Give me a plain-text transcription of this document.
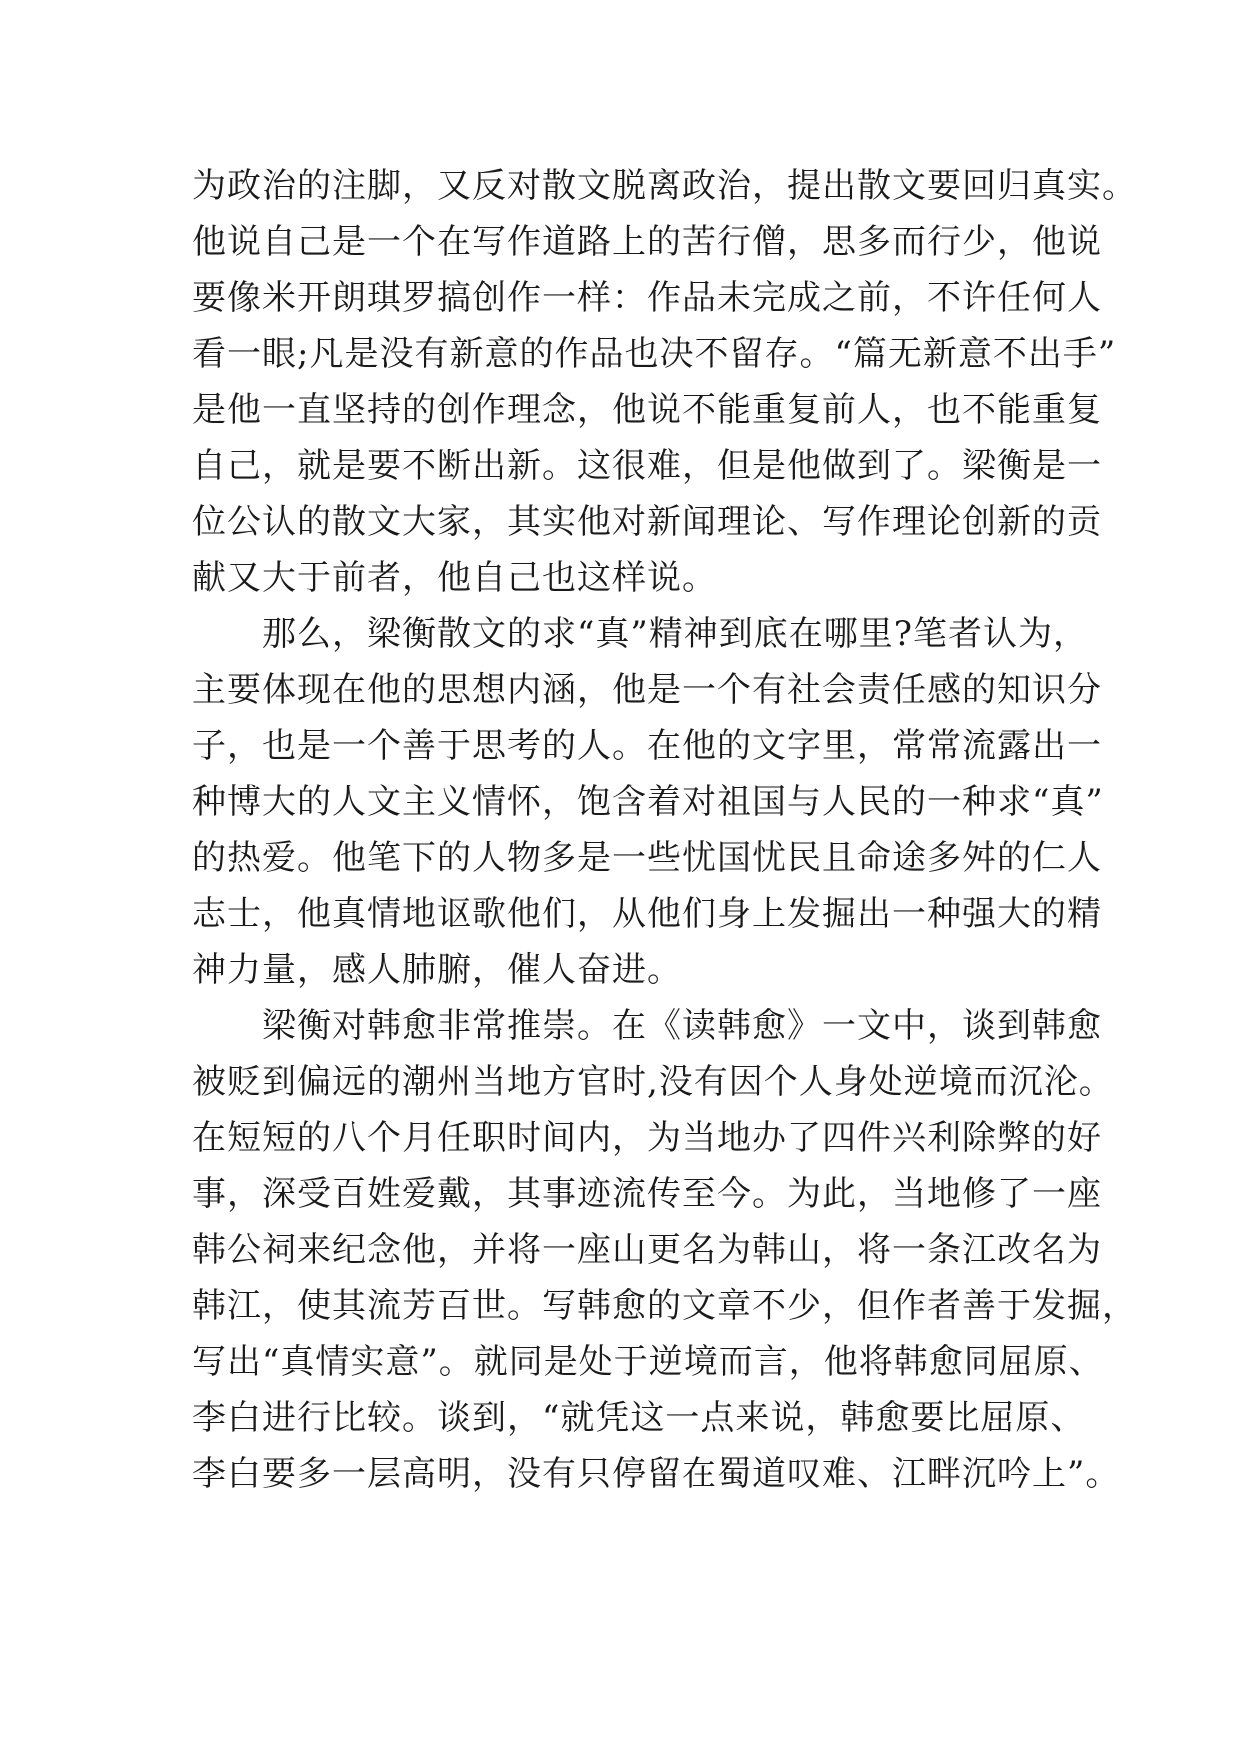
为政治的注脚，又反对散文脱离政治，提出散文要回归真实。
他说自己是一个在写作道路上的苦行僧，思多而行少，他说
要像米开朗琪罗搞创作一样：作品未完成之前，不许任何人
看一眼;凡是没有新意的作品也决不留存。“篇无新意不出手”
是他一直坚持的创作理念，他说不能重复前人，也不能重复
自己，就是要不断出新。这很难，但是他做到了。梁衡是一
位公认的散文大家，其实他对新闻理论、写作理论创新的贡
献又大于前者，他自己也这样说。
　　那么，梁衡散文的求“真”精神到底在哪里?笔者认为，
主要体现在他的思想内涵，他是一个有社会责任感的知识分
子，也是一个善于思考的人。在他的文字里，常常流露出一
种博大的人文主义情怀，饱含着对祖国与人民的一种求“真”
的热爱。他笔下的人物多是一些忧国忧民且命途多舛的仁人
志士，他真情地讴歌他们，从他们身上发掘出一种强大的精
神力量，感人肺腑，催人奋进。
　　梁衡对韩愈非常推崇。在《读韩愈》一文中，谈到韩愈
被贬到偏远的潮州当地方官时,没有因个人身处逆境而沉沦。
在短短的八个月任职时间内，为当地办了四件兴利除弊的好
事，深受百姓爱戴，其事迹流传至今。为此，当地修了一座
韩公祠来纪念他，并将一座山更名为韩山，将一条江改名为
韩江，使其流芳百世。写韩愈的文章不少，但作者善于发掘，
写出“真情实意”。就同是处于逆境而言，他将韩愈同屈原、
李白进行比较。谈到，“就凭这一点来说，韩愈要比屈原、
李白要多一层高明，没有只停留在蜀道叹难、江畔沉吟上”。
